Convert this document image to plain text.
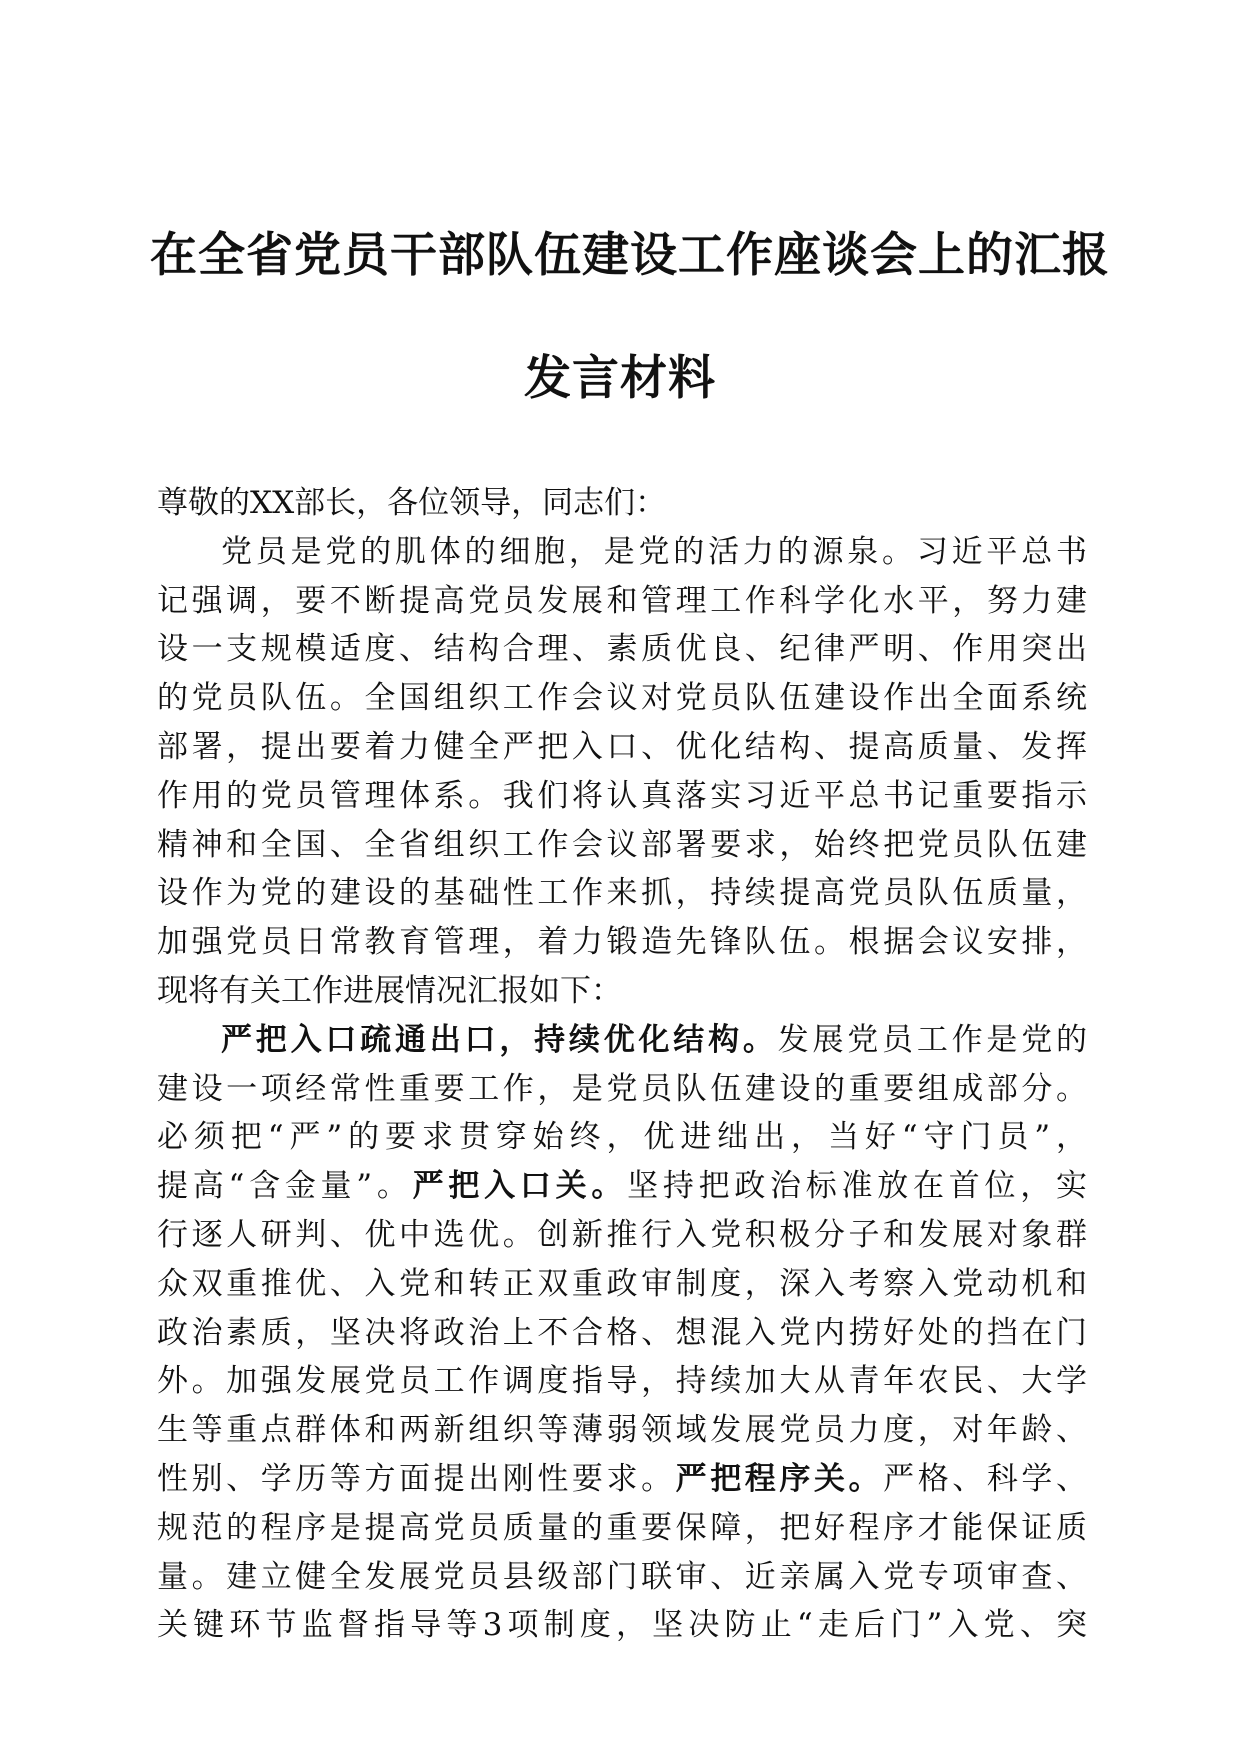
在全省党员干部队伍建设工作座谈会上的汇报
发言材料
尊敬的XX部长，各位领导，同志们：
党员是党的肌体的细胞，是党的活力的源泉。习近平总书
记强调，要不断提高党员发展和管理工作科学化水平，努力建
设一支规模适度、结构合理、素质优良、纪律严明、作用突出
的党员队伍。全国组织工作会议对党员队伍建设作出全面系统
部署，提出要着力健全严把入口、优化结构、提高质量、发挥
作用的党员管理体系。我们将认真落实习近平总书记重要指示
精神和全国、全省组织工作会议部署要求，始终把党员队伍建
设作为党的建设的基础性工作来抓，持续提高党员队伍质量，
加强党员日常教育管理，着力锻造先锋队伍。根据会议安排，
现将有关工作进展情况汇报如下：
严把入口疏通出口，持续优化结构。发展党员工作是党的
建设一项经常性重要工作，是党员队伍建设的重要组成部分。
必须把“严”的要求贯穿始终，优进绌出，当好“守门员”，
提高“含金量”。严把入口关。坚持把政治标准放在首位，实
行逐人研判、优中选优。创新推行入党积极分子和发展对象群
众双重推优、入党和转正双重政审制度，深入考察入党动机和
政治素质，坚决将政治上不合格、想混入党内捞好处的挡在门
外。加强发展党员工作调度指导，持续加大从青年农民、大学
生等重点群体和两新组织等薄弱领域发展党员力度，对年龄、
性别、学历等方面提出刚性要求。严把程序关。严格、科学、
规范的程序是提高党员质量的重要保障，把好程序才能保证质
量。建立健全发展党员县级部门联审、近亲属入党专项审查、
关键环节监督指导等3项制度，坚决防止“走后门”入党、突
